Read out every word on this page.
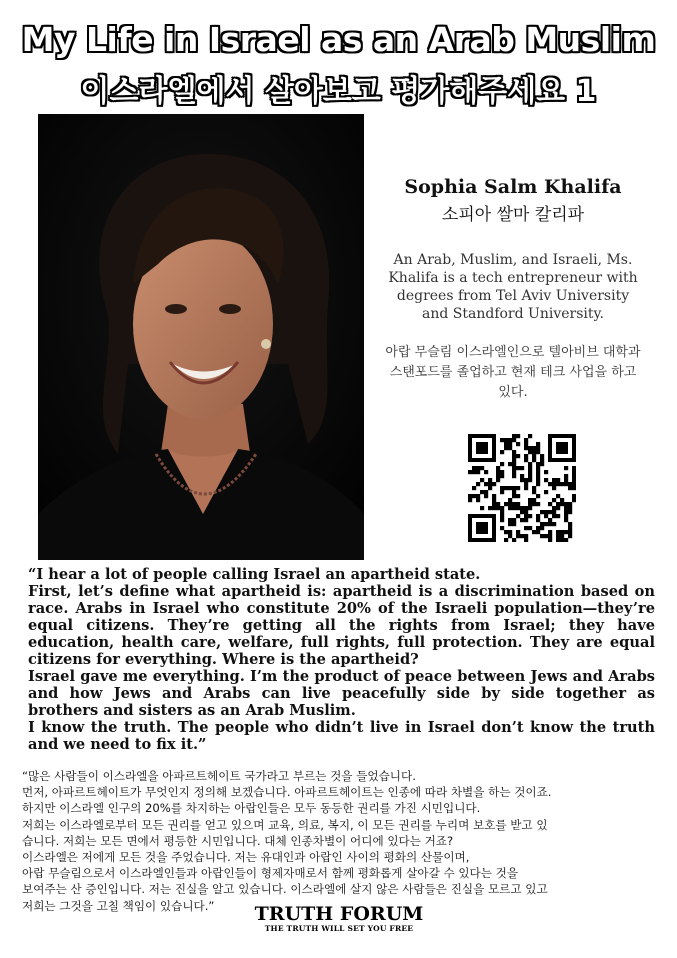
My Life in Israel as an Arab Muslim
이스라엘에서 살아보고 평가해주세요 1

Sophia Salm Khalifa

소피아 쌀마 칼리파

An Arab, Muslim, and Israeli, Ms. Khalifa is a tech entrepreneur with degrees from Tel Aviv University and Standford University.

아랍 무슬림 이스라엘인으로 텔아비브 대학과 스탠포드를 졸업하고 현재 테크 사업을 하고 있다.

“I hear a lot of people calling Israel an apartheid state.

First, let’s define what apartheid is: apartheid is a discrimination based on race. Arabs in Israel who constitute 20% of the Israeli population—they’re equal citizens. They’re getting all the rights from Israel; they have education, health care, welfare, full rights, full protection. They are equal citizens for everything. Where is the apartheid?

Israel gave me everything. I’m the product of peace between Jews and Arabs and how Jews and Arabs can live peacefully side by side together as brothers and sisters as an Arab Muslim.

I know the truth. The people who didn’t live in Israel don’t know the truth and we need to fix it.”

“많은 사람들이 이스라엘을 아파르트헤이트 국가라고 부르는 것을 들었습니다.

먼저, 아파르트헤이트가 무엇인지 정의해 보겠습니다. 아파르트헤이트는 인종에 따라 차별을 하는 것이죠.

하지만 이스라엘 인구의 20%를 차지하는 아랍인들은 모두 동등한 권리를 가진 시민입니다.

저희는 이스라엘로부터 모든 권리를 얻고 있으며 교육, 의료, 복지, 이 모든 권리를 누리며 보호를 받고 있

습니다. 저희는 모든 면에서 평등한 시민입니다. 대체 인종차별이 어디에 있다는 거죠?

이스라엘은 저에게 모든 것을 주었습니다. 저는 유대인과 아랍인 사이의 평화의 산물이며,

아랍 무슬림으로서 이스라엘인들과 아랍인들이 형제자매로서 함께 평화롭게 살아갈 수 있다는 것을

보여주는 산 증인입니다. 저는 진실을 알고 있습니다. 이스라엘에 살지 않은 사람들은 진실을 모르고 있고

저희는 그것을 고칠 책임이 있습니다.”	TRUTH FORUM
THE TRUTH WILL SET YOU FREE
